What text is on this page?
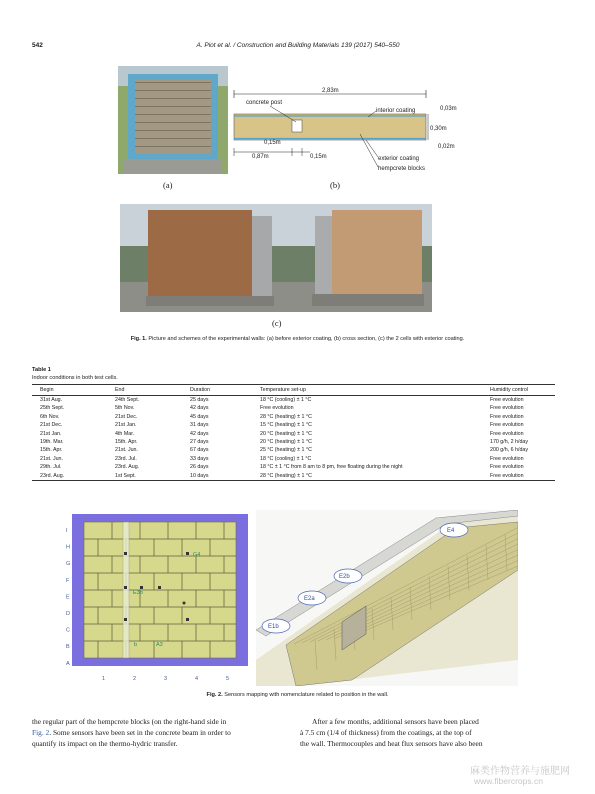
542	A. Piot et al. / Construction and Building Materials 139 (2017) 540–550
(a)
2,83m
concrete post
interior coating	0,03m
0,30m
0,02m
0,15m
0,87m	0,15m	exterior coating
hempcrete blocks
(b)
(c)
Fig. 1. Picture and schemes of the experimental walls: (a) before exterior coating, (b) cross section, (c) the 2 cells with exterior coating.
Table 1
Indoor conditions in both test cells.
Begin	End	Duration	Temperature set-up	Humidity control
31st Aug.	24th Sept.	25 days	18 °C (cooling) ± 1 °C	Free evolution
25th Sept.	5th Nov.	42 days	Free evolution	Free evolution
6th Nov.	21st Dec.	45 days	28 °C (heating) ± 1 °C	Free evolution
21st Dec.	21st Jan.	31 days	15 °C (heating) ± 1 °C	Free evolution
21st Jan.	4th Mar.	42 days	20 °C (heating) ± 1 °C	Free evolution
19th. Mar.	15th. Apr.	27 days	20 °C (heating) ± 1 °C	170 g/h, 2 h/day
15th. Apr.	21st. Jun.	67 days	25 °C (heating) ± 1 °C	200 g/h, 6 h/day
21st. Jun.	23rd. Jul.	33 days	18 °C (cooling) ± 1 °C	Free evolution
29th. Jul.	23rd. Aug.	26 days	18 °C ± 1 °C from 8 am to 8 pm, free floating during the night	Free evolution
23rd. Aug.	1st Sept.	10 days	28 °C (heating) ± 1 °C	Free evolution
I
H
G
F
E
D
C
B
A
1	2	3	4	5
G4
E3b
A3
b
E4
E2b
E2a
E1b
Fig. 2. Sensors mapping with nomenclature related to position in the wall.
the regular part of the hempcrete blocks (on the right-hand side in
Fig. 2. Some sensors have been set in the concrete beam in order to
quantify its impact on the thermo-hydric transfer.
After a few months, additional sensors have been placed
à 7.5 cm (1/4 of thickness) from the coatings, at the top of
the wall. Thermocouples and heat flux sensors have also been
麻类作物营养与施肥网
www.fibercrops.cn
